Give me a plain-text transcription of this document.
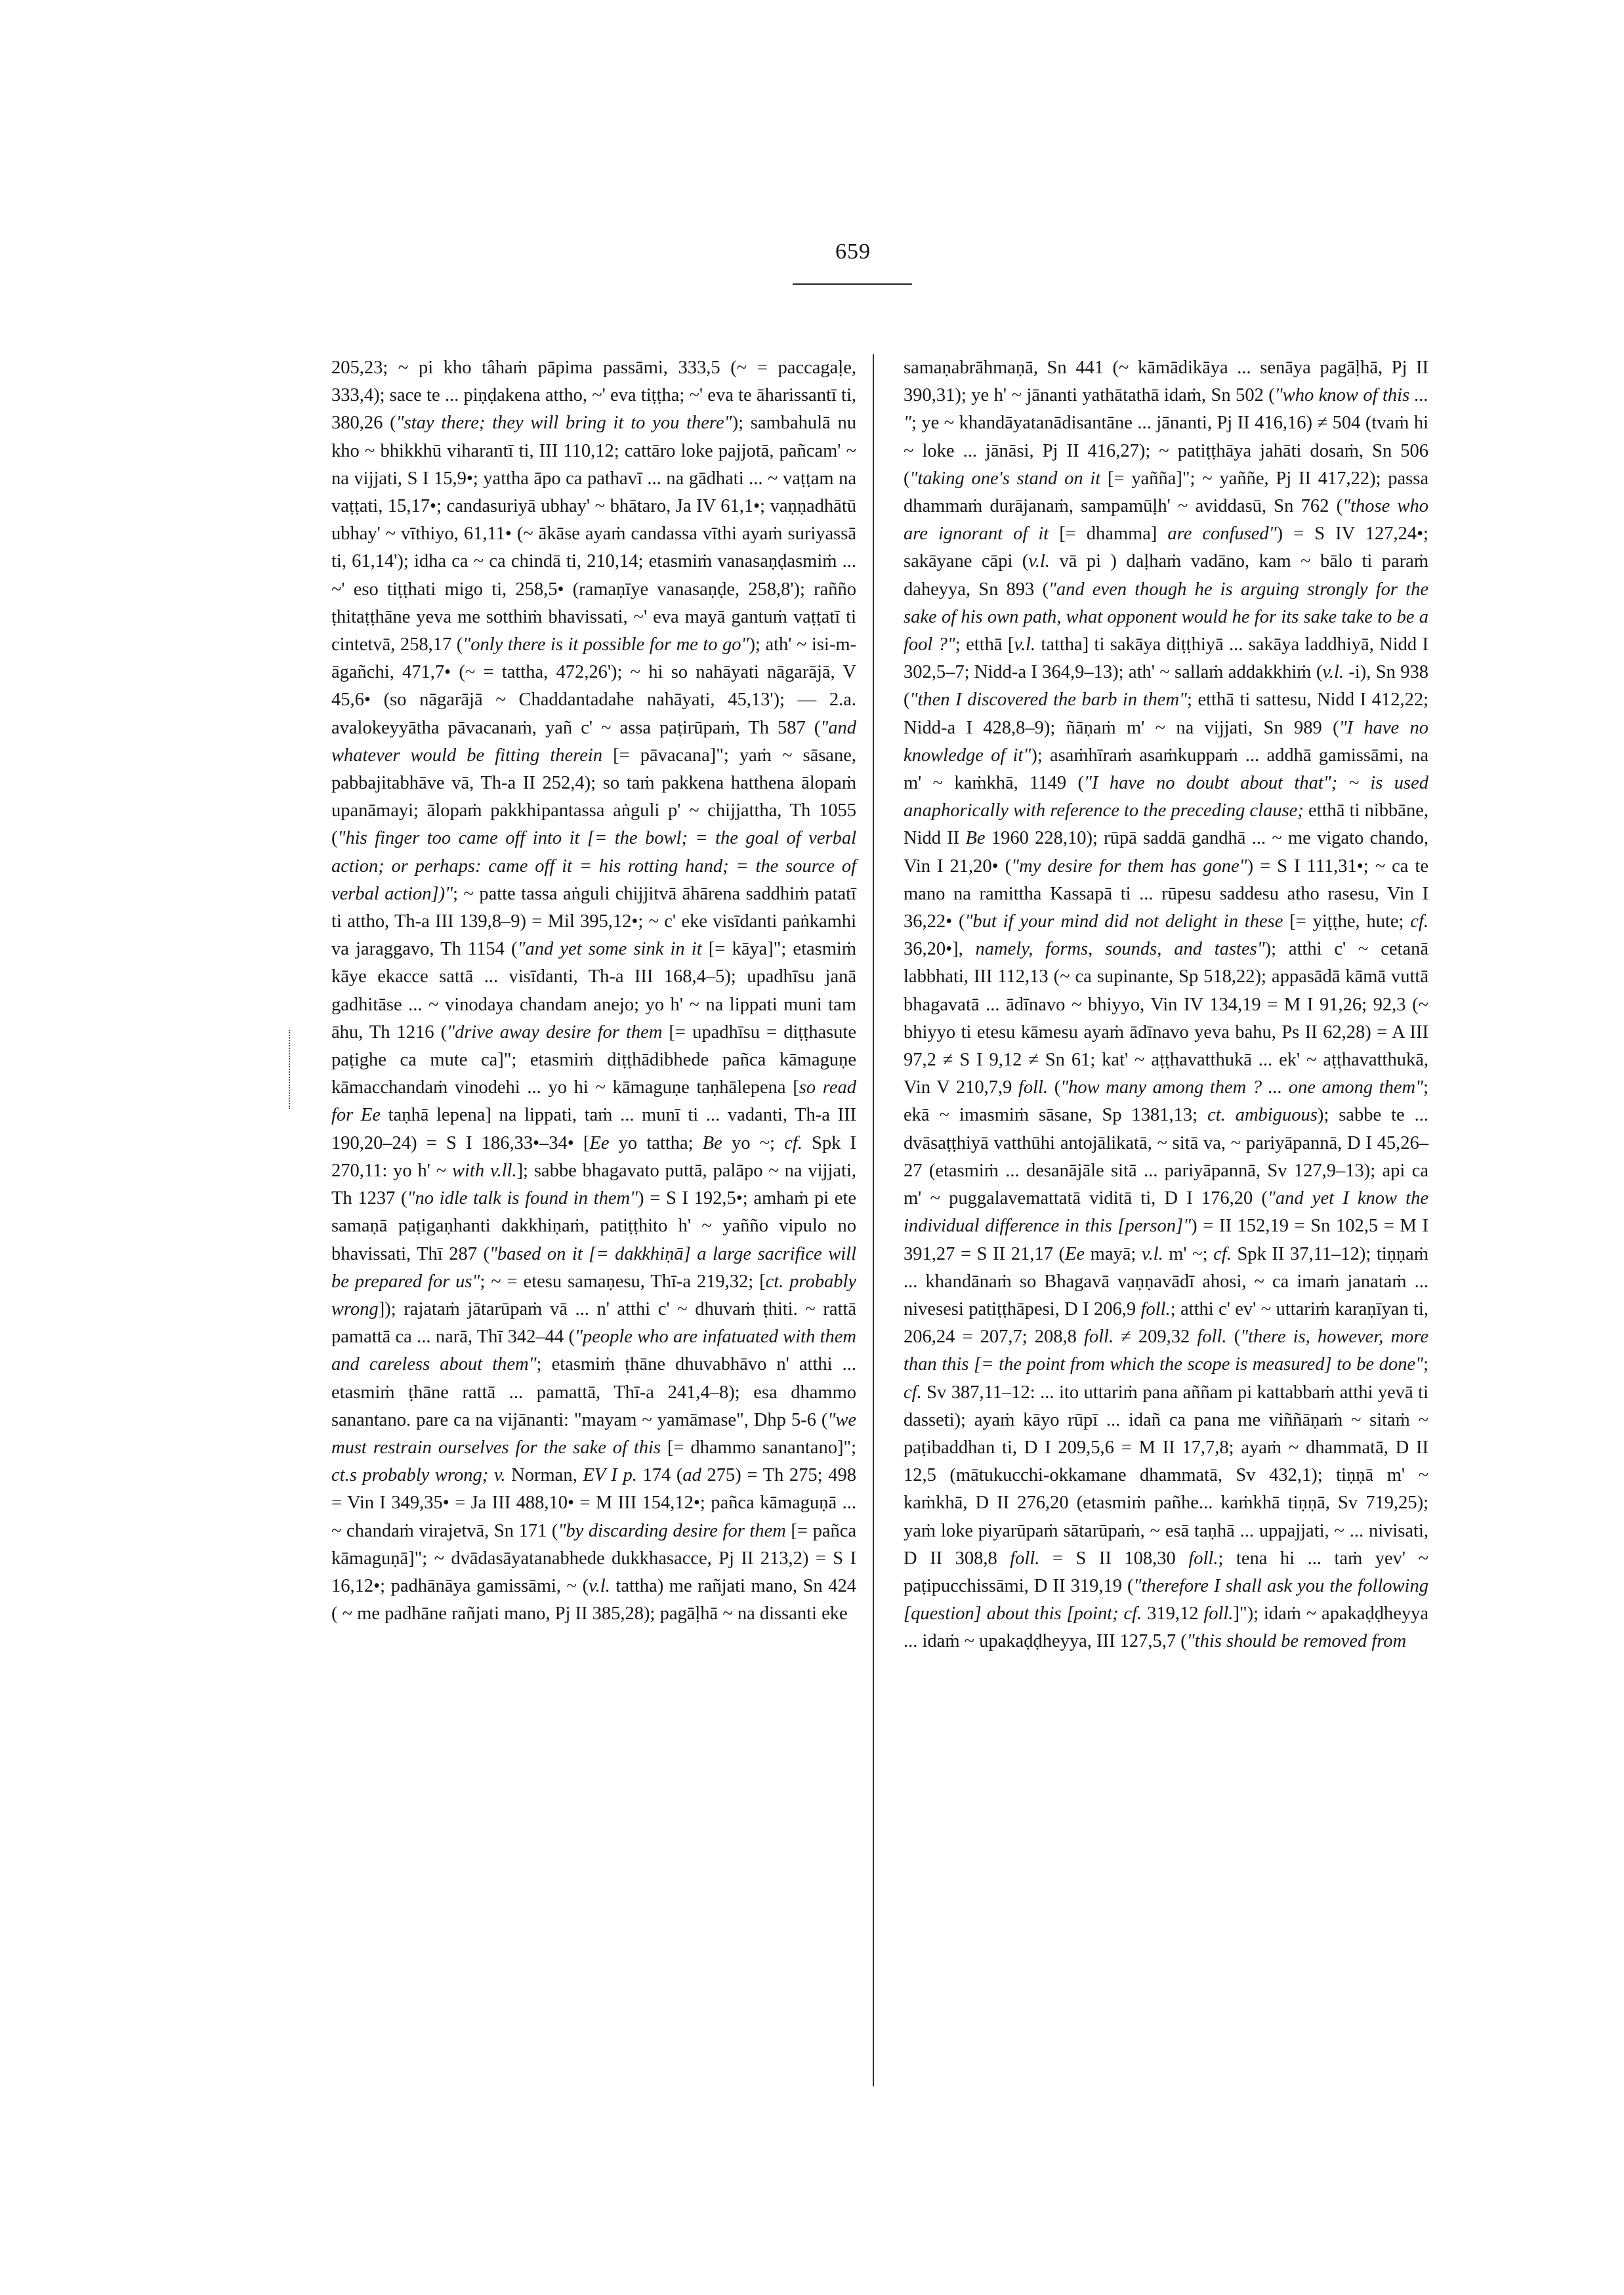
659
205,23; ~ pi kho tâhaṁ pāpima passāmi, 333,5 (~ = paccagaḷe, 333,4); sace te ... piṇḍakena attho, ~' eva tiṭṭha; ~' eva te āharissantī ti, 380,26 ("stay there; they will bring it to you there"); sambahulā nu kho ~ bhikkhū viharantī ti, III 110,12; cattāro loke pajjotā, pañcam' ~ na vijjati, S I 15,9•; yattha āpo ca pathavī ... na gādhati ... ~ vaṭṭam na vaṭṭati, 15,17•; candasuriyā ubhay' ~ bhātaro, Ja IV 61,1•; vaṇṇadhātū ubhay' ~ vīthiyo, 61,11• (~ ākāse ayaṁ candassa vīthi ayaṁ suriyassā ti, 61,14'); idha ca ~ ca chindā ti, 210,14; etasmiṁ vanasaṇḍasmiṁ ... ~' eso tiṭṭhati migo ti, 258,5• (ramaṇīye vanasaṇḍe, 258,8'); rañño ṭhitaṭṭhāne yeva me sotthiṁ bhavissati, ~' eva mayā gantuṁ vaṭṭatī ti cintetvā, 258,17 ("only there is it possible for me to go"); ath' ~ isi-m-āgañchi, 471,7• (~ = tattha, 472,26'); ~ hi so nahāyati nāgarājā, V 45,6• (so nāgarājā ~ Chaddantadahe nahāyati, 45,13'); — 2.a. avalokeyyātha pāvacanaṁ, yañ c' ~ assa paṭirūpaṁ, Th 587 ("and whatever would be fitting therein [= pāvacana]"; yaṁ ~ sāsane, pabbajitabhāve vā, Th-a II 252,4); so taṁ pakkena hatthena ālopaṁ upanāmayi; ālopaṁ pakkhipantassa aṅguli p' ~ chijjattha, Th 1055 ("his finger too came off into it [= the bowl; = the goal of verbal action; or perhaps: came off it = his rotting hand; = the source of verbal action])"; ~ patte tassa aṅguli chijjitvā āhārena saddhiṁ patatī ti attho, Th-a III 139,8–9) = Mil 395,12•; ~ c' eke visīdanti paṅkamhi va jaraggavo, Th 1154 ("and yet some sink in it [= kāya]"; etasmiṁ kāye ekacce sattā ... visīdanti, Th-a III 168,4–5); upadhīsu janā gadhitāse ... ~ vinodaya chandam anejo; yo h' ~ na lippati muni tam āhu, Th 1216 ("drive away desire for them [= upadhīsu = diṭṭhasute paṭighe ca mute ca]"; etasmiṁ diṭṭhādibhede pañca kāmaguṇe kāmacchandaṁ vinodehi ... yo hi ~ kāmaguṇe taṇhālepena [so read for Ee taṇhā lepena] na lippati, taṁ ... munī ti ... vadanti, Th-a III 190,20–24) = S I 186,33•–34• [Ee yo tattha; Be yo ~; cf. Spk I 270,11: yo h' ~ with v.ll.]; sabbe bhagavato puttā, palāpo ~ na vijjati, Th 1237 ("no idle talk is found in them") = S I 192,5•; amhaṁ pi ete samaṇā paṭigaṇhanti dakkhiṇaṁ, patiṭṭhito h' ~ yañño vipulo no bhavissati, Thī 287 ("based on it [= dakkhiṇā] a large sacrifice will be prepared for us"; ~ = etesu samaṇesu, Thī-a 219,32; [ct. probably wrong]); rajataṁ jātarūpaṁ vā ... n' atthi c' ~ dhuvaṁ ṭhiti. ~ rattā pamattā ca ... narā, Thī 342–44 ("people who are infatuated with them and careless about them"; etasmiṁ ṭhāne dhuvabhāvo n' atthi ... etasmiṁ ṭhāne rattā ... pamattā, Thī-a 241,4–8); esa dhammo sanantano. pare ca na vijānanti: "mayam ~ yamāmase", Dhp 5-6 ("we must restrain ourselves for the sake of this [= dhammo sanantano]"; ct.s probably wrong; v. Norman, EV I p. 174 (ad 275) = Th 275; 498 = Vin I 349,35• = Ja III 488,10• = M III 154,12•; pañca kāmaguṇā ... ~ chandaṁ virajetvā, Sn 171 ("by discarding desire for them [= pañca kāmaguṇā]"; ~ dvādasāyatanabhede dukkhasacce, Pj II 213,2) = S I 16,12•; padhānāya gamissāmi, ~ (v.l. tattha) me rañjati mano, Sn 424 ( ~ me padhāne rañjati mano, Pj II 385,28); pagāḷhā ~ na dissanti eke
samaṇabrāhmaṇā, Sn 441 (~ kāmādikāya ... senāya pagāḷhā, Pj II 390,31); ye h' ~ jānanti yathātathā idaṁ, Sn 502 ("who know of this ... "; ye ~ khandāyatanādisantāne ... jānanti, Pj II 416,16) ≠ 504 (tvaṁ hi ~ loke ... jānāsi, Pj II 416,27); ~ patiṭṭhāya jahāti dosaṁ, Sn 506 ("taking one's stand on it [= yañña]"; ~ yaññe, Pj II 417,22); passa dhammaṁ durājanaṁ, sampamūḷh' ~ aviddasū, Sn 762 ("those who are ignorant of it [= dhamma] are confused") = S IV 127,24•; sakāyane cāpi (v.l. vā pi ) daḷhaṁ vadāno, kam ~ bālo ti paraṁ daheyya, Sn 893 ("and even though he is arguing strongly for the sake of his own path, what opponent would he for its sake take to be a fool ?"; etthā [v.l. tattha] ti sakāya diṭṭhiyā ... sakāya laddhiyā, Nidd I 302,5–7; Nidd-a I 364,9–13); ath' ~ sallaṁ addakkhiṁ (v.l. -i), Sn 938 ("then I discovered the barb in them"; etthā ti sattesu, Nidd I 412,22; Nidd-a I 428,8–9); ñāṇaṁ m' ~ na vijjati, Sn 989 ("I have no knowledge of it"); asaṁhīraṁ asaṁkuppaṁ ... addhā gamissāmi, na m' ~ kaṁkhā, 1149 ("I have no doubt about that"; ~ is used anaphorically with reference to the preceding clause; etthā ti nibbāne, Nidd II Be 1960 228,10); rūpā saddā gandhā ... ~ me vigato chando, Vin I 21,20• ("my desire for them has gone") = S I 111,31•; ~ ca te mano na ramittha Kassapā ti ... rūpesu saddesu atho rasesu, Vin I 36,22• ("but if your mind did not delight in these [= yiṭṭhe, hute; cf. 36,20•], namely, forms, sounds, and tastes"); atthi c' ~ cetanā labbhati, III 112,13 (~ ca supinante, Sp 518,22); appasādā kāmā vuttā bhagavatā ... ādīnavo ~ bhiyyo, Vin IV 134,19 = M I 91,26; 92,3 (~ bhiyyo ti etesu kāmesu ayaṁ ādīnavo yeva bahu, Ps II 62,28) = A III 97,2 ≠ S I 9,12 ≠ Sn 61; kat' ~ aṭṭhavatthukā ... ek' ~ aṭṭhavatthukā, Vin V 210,7,9 foll. ("how many among them ? ... one among them"; ekā ~ imasmiṁ sāsane, Sp 1381,13; ct. ambiguous); sabbe te ... dvāsaṭṭhiyā vatthūhi antojālikatā, ~ sitā va, ~ pariyāpannā, D I 45,26–27 (etasmiṁ ... desanājāle sitā ... pariyāpannā, Sv 127,9–13); api ca m' ~ puggalavemattatā viditā ti, D I 176,20 ("and yet I know the individual difference in this [person]") = II 152,19 = Sn 102,5 = M I 391,27 = S II 21,17 (Ee mayā; v.l. m' ~; cf. Spk II 37,11–12); tiṇṇaṁ ... khandānaṁ so Bhagavā vaṇṇavādī ahosi, ~ ca imaṁ janataṁ ... nivesesi patiṭṭhāpesi, D I 206,9 foll.; atthi c' ev' ~ uttariṁ karaṇīyan ti, 206,24 = 207,7; 208,8 foll. ≠ 209,32 foll. ("there is, however, more than this [= the point from which the scope is measured] to be done"; cf. Sv 387,11–12: ... ito uttariṁ pana aññam pi kattabbaṁ atthi yevā ti dasseti); ayaṁ kāyo rūpī ... idañ ca pana me viññāṇaṁ ~ sitaṁ ~ paṭibaddhan ti, D I 209,5,6 = M II 17,7,8; ayaṁ ~ dhammatā, D II 12,5 (mātukucchi-okkamane dhammatā, Sv 432,1); tiṇṇā m' ~ kaṁkhā, D II 276,20 (etasmiṁ pañhe... kaṁkhā tiṇṇā, Sv 719,25); yaṁ loke piyarūpaṁ sātarūpaṁ, ~ esā taṇhā ... uppajjati, ~ ... nivisati, D II 308,8 foll. = S II 108,30 foll.; tena hi ... taṁ yev' ~ paṭipucchissāmi, D II 319,19 ("therefore I shall ask you the following [question] about this [point; cf. 319,12 foll.]"); idaṁ ~ apakaḍḍheyya ... idaṁ ~ upakaḍḍheyya, III 127,5,7 ("this should be removed from
